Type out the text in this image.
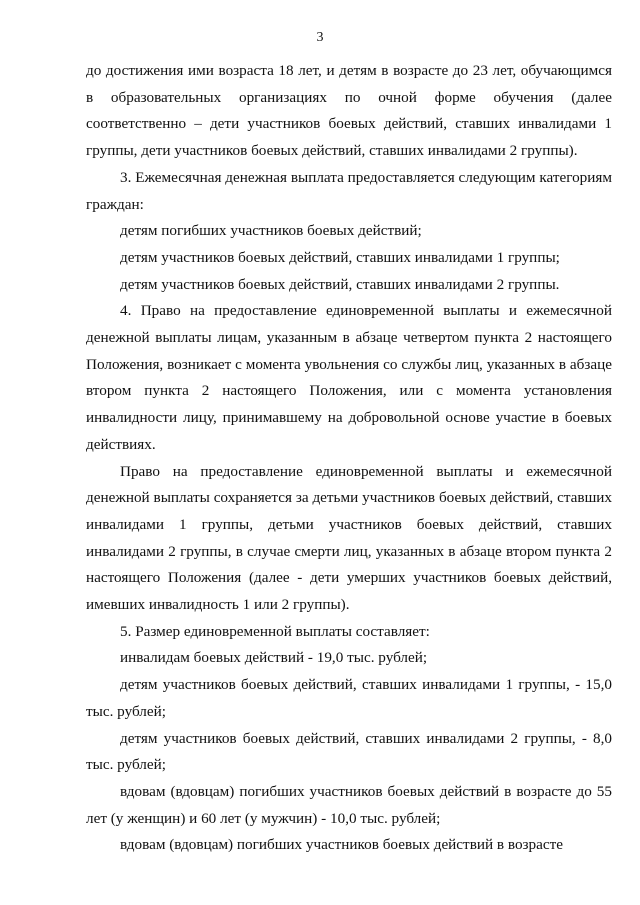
3

до достижения ими возраста 18 лет, и детям в возрасте до 23 лет, обучающимся в образовательных организациях по очной форме обучения (далее соответственно – дети участников боевых действий, ставших инвалидами 1 группы, дети участников боевых действий, ставших инвалидами 2 группы).

3. Ежемесячная денежная выплата предоставляется следующим категориям граждан:

детям погибших участников боевых действий;

детям участников боевых действий, ставших инвалидами 1 группы;

детям участников боевых действий, ставших инвалидами 2 группы.

4. Право на предоставление единовременной выплаты и ежемесячной денежной выплаты лицам, указанным в абзаце четвертом пункта 2 настоящего Положения, возникает с момента увольнения со службы лиц, указанных в абзаце втором пункта 2 настоящего Положения, или с момента установления инвалидности лицу, принимавшему на добровольной основе участие в боевых действиях.

Право на предоставление единовременной выплаты и ежемесячной денежной выплаты сохраняется за детьми участников боевых действий, ставших инвалидами 1 группы, детьми участников боевых действий, ставших инвалидами 2 группы, в случае смерти лиц, указанных в абзаце втором пункта 2 настоящего Положения (далее - дети умерших участников боевых действий, имевших инвалидность 1 или 2 группы).

5. Размер единовременной выплаты составляет:

инвалидам боевых действий - 19,0 тыс. рублей;

детям участников боевых действий, ставших инвалидами 1 группы, - 15,0 тыс. рублей;

детям участников боевых действий, ставших инвалидами 2 группы, - 8,0 тыс. рублей;

вдовам (вдовцам) погибших участников боевых действий в возрасте до 55 лет (у женщин) и 60 лет (у мужчин) - 10,0 тыс. рублей;

вдовам (вдовцам) погибших участников боевых действий в возрасте
